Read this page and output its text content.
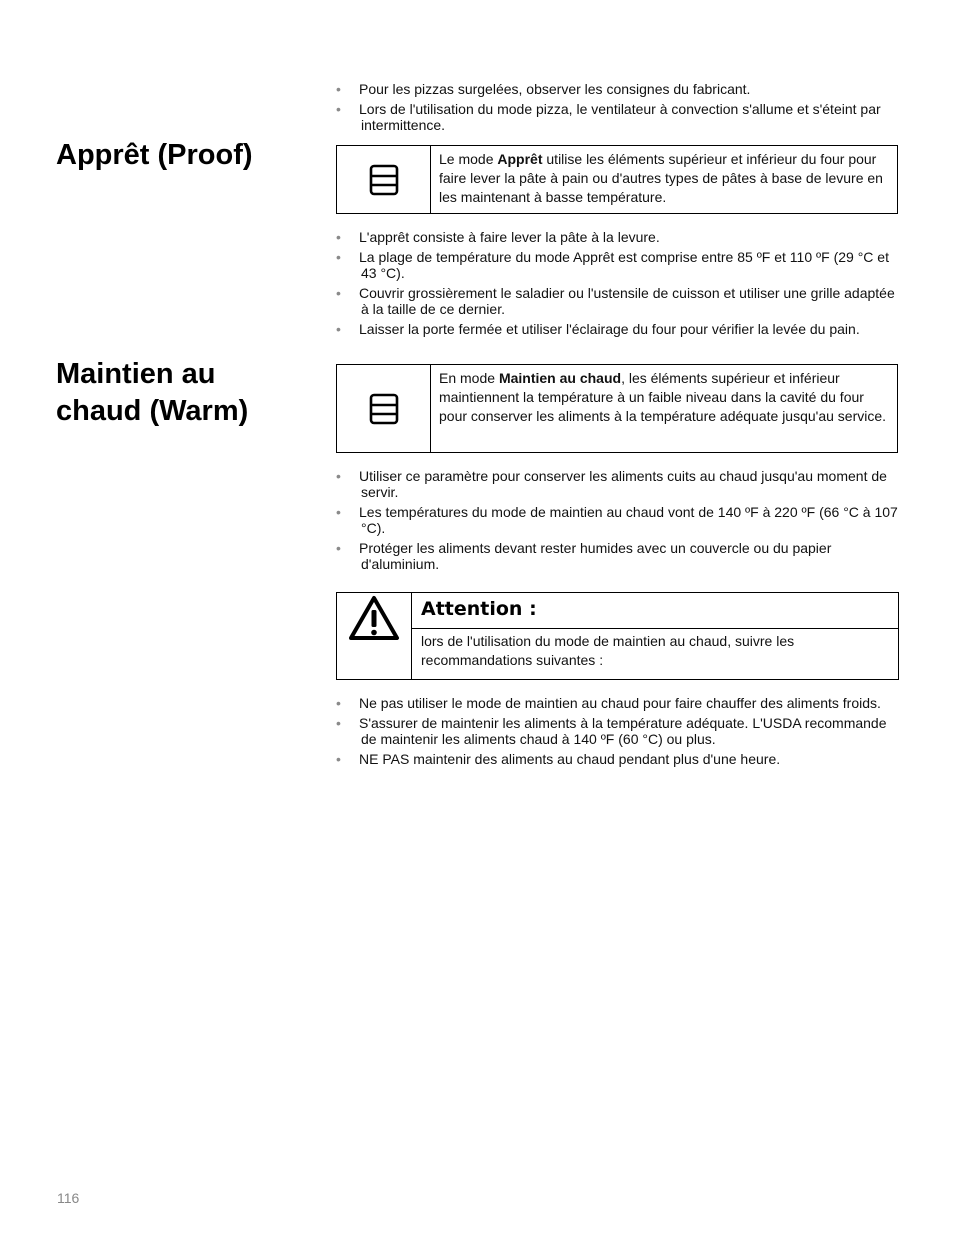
• Pour les pizzas surgelées, observer les consignes du fabricant.
• Lors de l'utilisation du mode pizza, le ventilateur à convection s'allume et s'éteint par intermittence.
Apprêt (Proof)	Le mode Apprêt utilise les éléments supérieur et inférieur du four pour faire lever la pâte à pain ou d'autres types de pâtes à base de levure en les maintenant à basse température.
• L'apprêt consiste à faire lever la pâte à la levure.
• La plage de température du mode Apprêt est comprise entre 85 ºF et 110 ºF (29 °C et 43 °C).
• Couvrir grossièrement le saladier ou l'ustensile de cuisson et utiliser une grille adaptée à la taille de ce dernier.
• Laisser la porte fermée et utiliser l'éclairage du four pour vérifier la levée du pain.
Maintien au
chaud (Warm)
En mode Maintien au chaud, les éléments supérieur et inférieur maintiennent la température à un faible niveau dans la cavité du four pour conserver les aliments à la température adéquate jusqu'au service.
• Utiliser ce paramètre pour conserver les aliments cuits au chaud jusqu'au moment de servir.
• Les températures du mode de maintien au chaud vont de 140 ºF à 220 ºF (66 °C à 107 °C).
• Protéger les aliments devant rester humides avec un couvercle ou du papier d'aluminium.
Attention :
lors de l'utilisation du mode de maintien au chaud, suivre les recommandations suivantes :
• Ne pas utiliser le mode de maintien au chaud pour faire chauffer des aliments froids.
• S'assurer de maintenir les aliments à la température adéquate. L'USDA recommande de maintenir les aliments chaud à 140 ºF (60 °C) ou plus.
• NE PAS maintenir des aliments au chaud pendant plus d'une heure.
116
